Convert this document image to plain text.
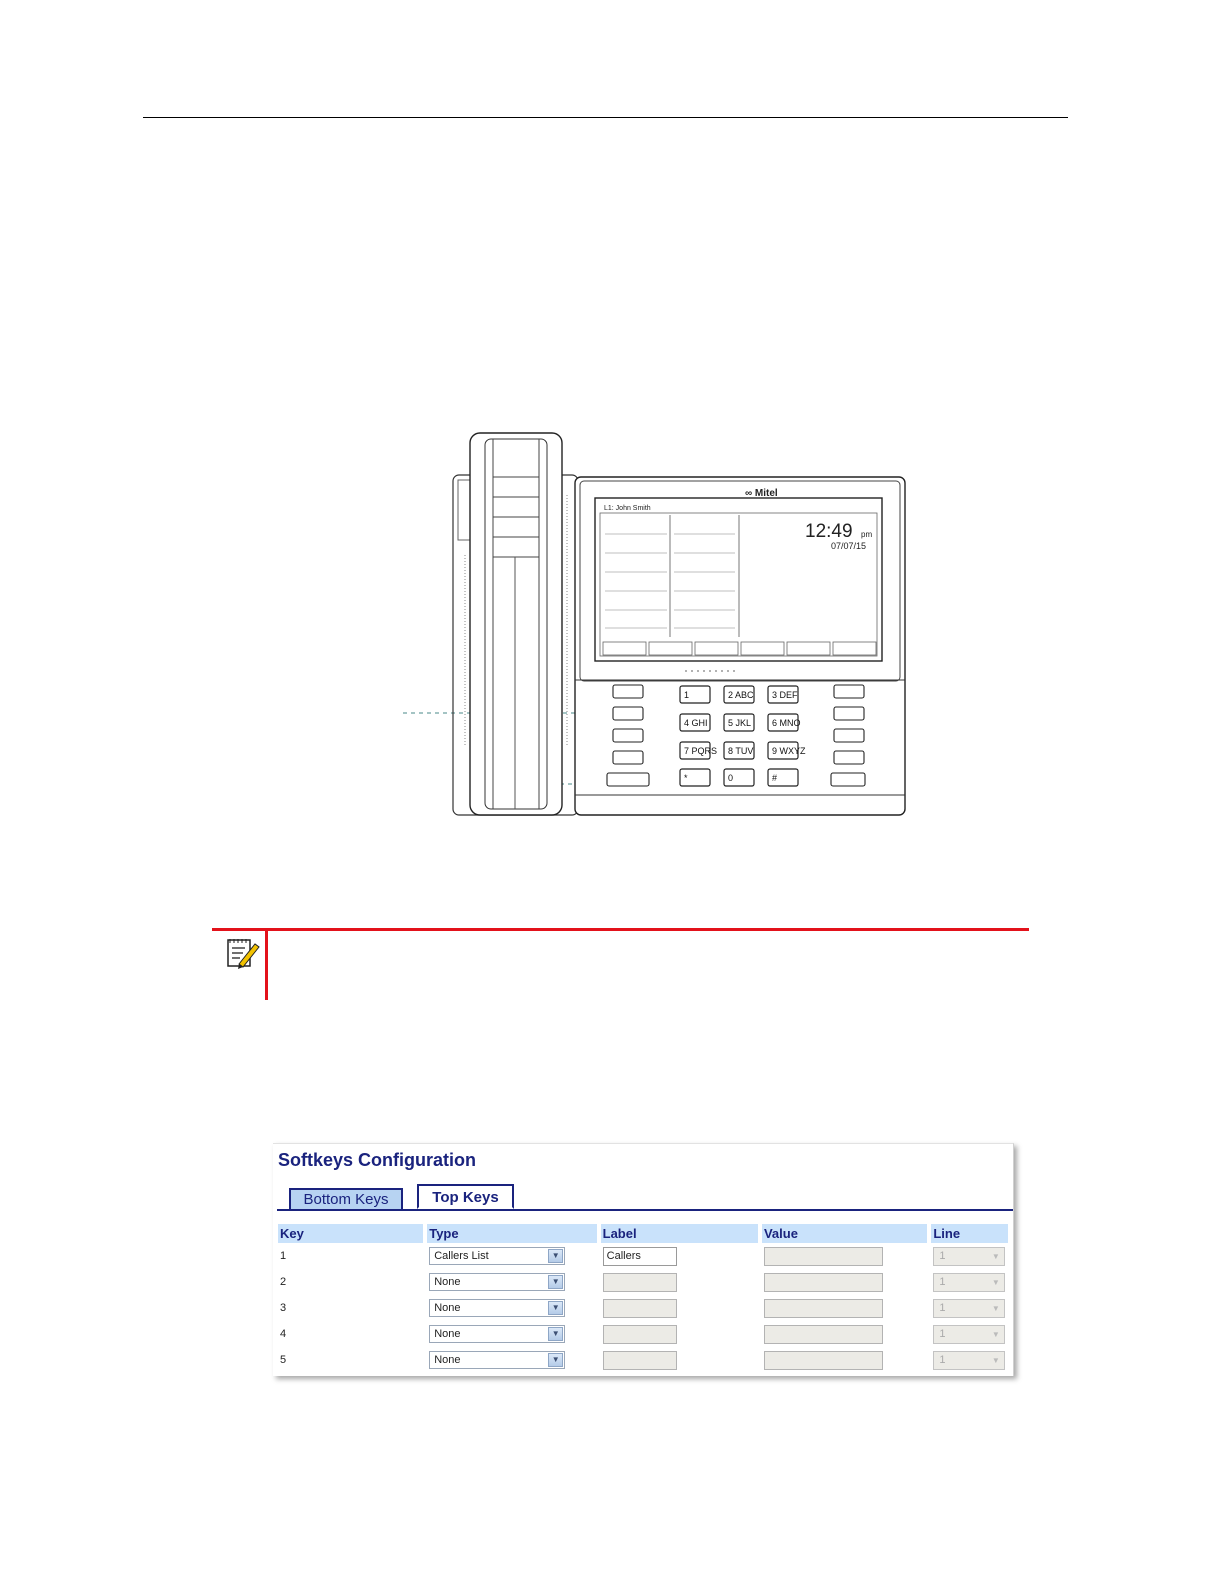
∞ Mitel
L1: John Smith
12:49 pm
07/07/15
1	2 ABC 3 DEF
4 GHI 5 JKL 6 MNO
7 PQRS 8 TUV 9 WXYZ
*	0	#
Softkeys Configuration
Bottom Keys	Top Keys
Key		Type		Label		Value		Line
1		Callers List ▼		Callers				1 ▼

2		None ▼						1 ▼

3		None ▼						1 ▼

4		None ▼						1 ▼

5		None ▼						1 ▼
